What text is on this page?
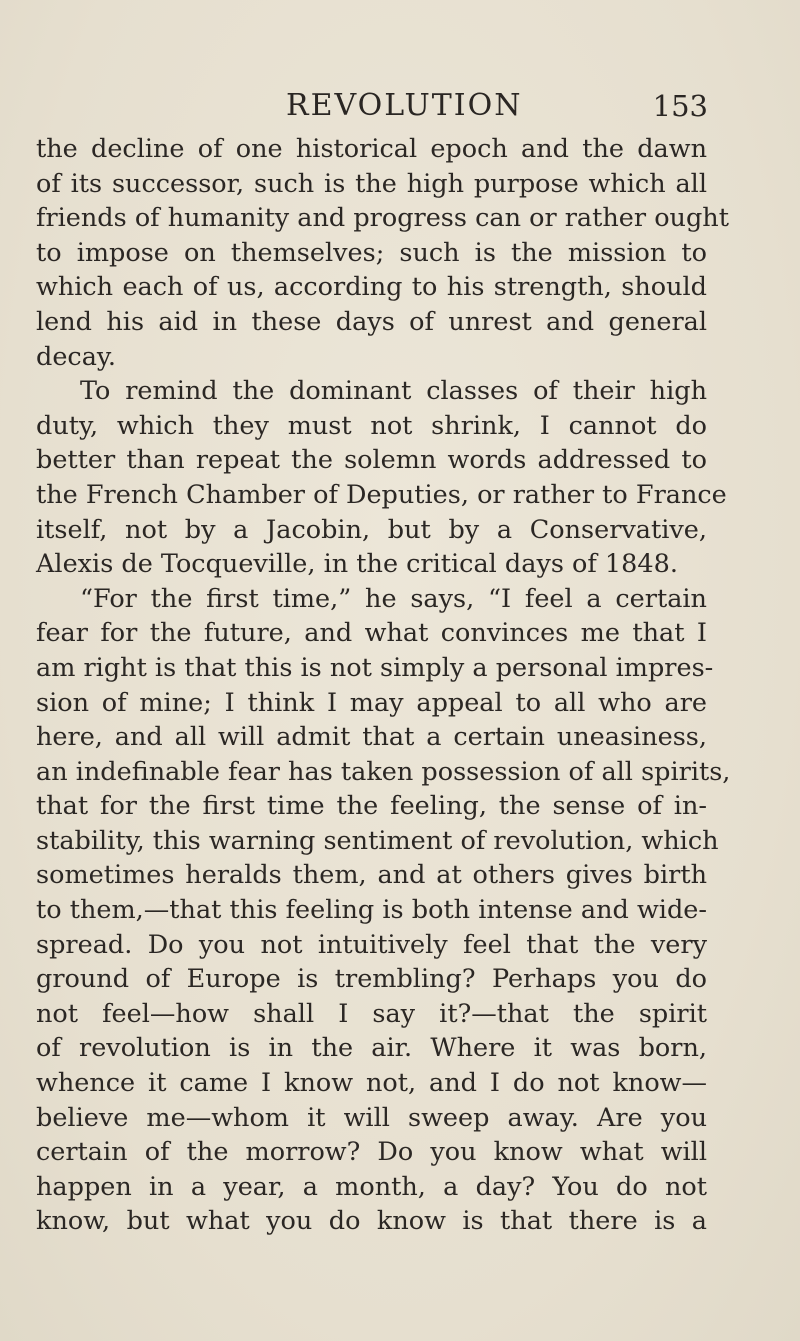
REVOLUTION	153
the decline of one historical epoch and the dawn
of its successor, such is the high purpose which all
friends of humanity and progress can or rather ought
to impose on themselves; such is the mission to
which each of us, according to his strength, should
lend his aid in these days of unrest and general
decay.
To remind the dominant classes of their high
duty, which they must not shrink, I cannot do
better than repeat the solemn words addressed to
the French Chamber of Deputies, or rather to France
itself, not by a Jacobin, but by a Conservative,
Alexis de Tocqueville, in the critical days of 1848.
“For the first time,” he says, “I feel a certain
fear for the future, and what convinces me that I
am right is that this is not simply a personal impres-
sion of mine; I think I may appeal to all who are
here, and all will admit that a certain uneasiness,
an indefinable fear has taken possession of all spirits,
that for the first time the feeling, the sense of in-
stability, this warning sentiment of revolution, which
sometimes heralds them, and at others gives birth
to them,—that this feeling is both intense and wide-
spread. Do you not intuitively feel that the very
ground of Europe is trembling? Perhaps you do
not feel—how shall I say it?—that the spirit
of revolution is in the air. Where it was born,
whence it came I know not, and I do not know—
believe me—whom it will sweep away. Are you
certain of the morrow? Do you know what will
happen in a year, a month, a day? You do not
know, but what you do know is that there is a
